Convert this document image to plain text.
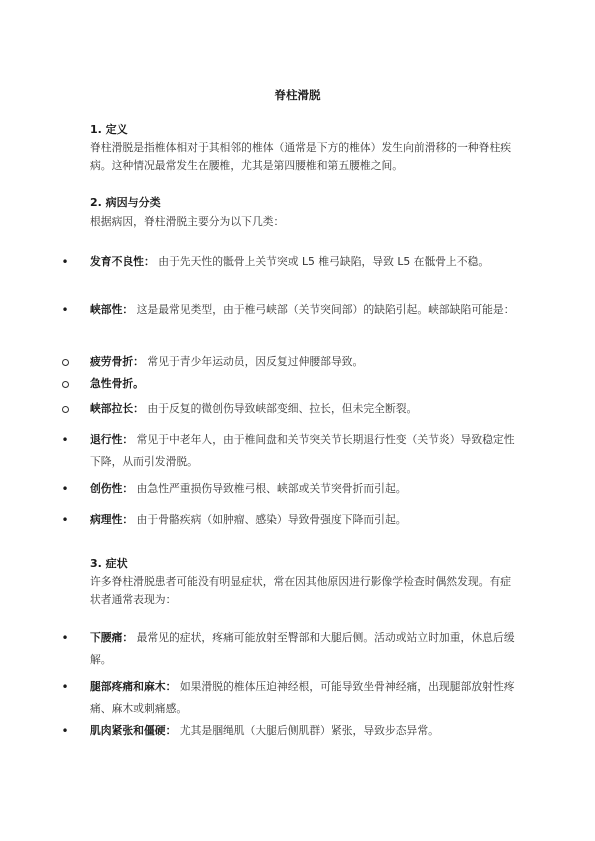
脊柱滑脱
1. 定义
脊柱滑脱是指椎体相对于其相邻的椎体（通常是下方的椎体）发生向前滑移的一种脊柱疾病。这种情况最常发生在腰椎，尤其是第四腰椎和第五腰椎之间。
2. 病因与分类
根据病因，脊柱滑脱主要分为以下几类：
•
发育不良性： 由于先天性的骶骨上关节突或 L5 椎弓缺陷，导致 L5 在骶骨上不稳。
•
峡部性： 这是最常见类型，由于椎弓峡部（关节突间部）的缺陷引起。峡部缺陷可能是：
疲劳骨折： 常见于青少年运动员，因反复过伸腰部导致。
急性骨折。
峡部拉长： 由于反复的微创伤导致峡部变细、拉长，但未完全断裂。
•
退行性： 常见于中老年人，由于椎间盘和关节突关节长期退行性变（关节炎）导致稳定性下降，从而引发滑脱。
•
创伤性： 由急性严重损伤导致椎弓根、峡部或关节突骨折而引起。
•
病理性： 由于骨骼疾病（如肿瘤、感染）导致骨强度下降而引起。
3. 症状
许多脊柱滑脱患者可能没有明显症状，常在因其他原因进行影像学检查时偶然发现。有症状者通常表现为：
•
下腰痛： 最常见的症状，疼痛可能放射至臀部和大腿后侧。活动或站立时加重，休息后缓解。
•
腿部疼痛和麻木： 如果滑脱的椎体压迫神经根，可能导致坐骨神经痛，出现腿部放射性疼痛、麻木或刺痛感。
•
肌肉紧张和僵硬： 尤其是腘绳肌（大腿后侧肌群）紧张，导致步态异常。
